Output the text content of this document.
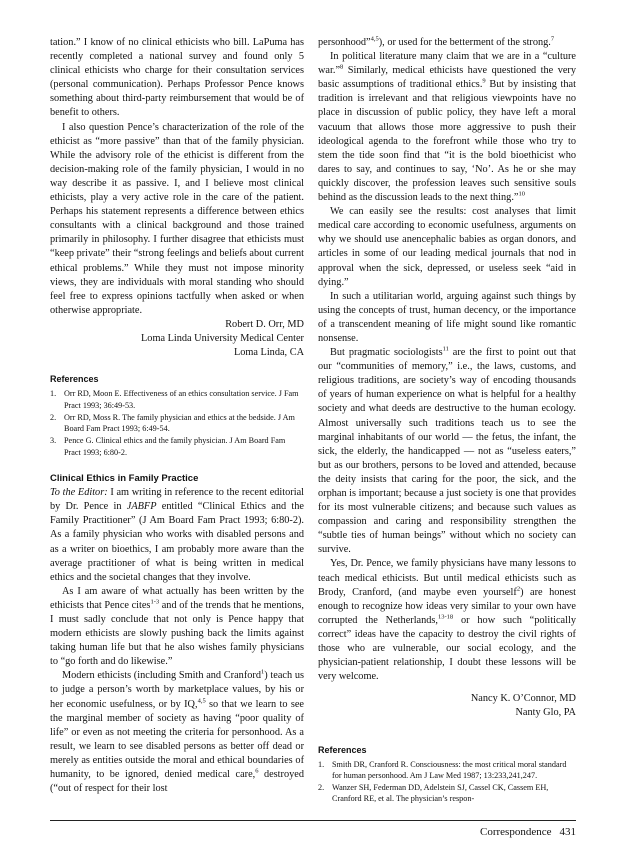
tation.” I know of no clinical ethicists who bill. LaPuma has recently completed a national survey and found only 5 clinical ethicists who charge for their consultation services (personal communication). Perhaps Professor Pence knows something about third-party reimbursement that would be of benefit to others.

I also question Pence’s characterization of the role of the ethicist as “more passive” than that of the family physician. While the advisory role of the ethicist is different from the decision-making role of the family physician, I would in no way describe it as passive. I, and I believe most clinical ethicists, play a very active role in the care of the patient. Perhaps his statement represents a difference between ethics consultants with a clinical background and those trained primarily in philosophy. I further disagree that ethicists must “keep private” their “strong feelings and beliefs about current ethical problems.” While they must not impose minority views, they are individuals with moral standing who should feel free to express opinions tactfully when asked or when otherwise appropriate.

Robert D. Orr, MD

Loma Linda University Medical Center

Loma Linda, CA

References
1. Orr RD, Moon E. Effectiveness of an ethics consultation service. J Fam Pract 1993; 36:49-53.
2. Orr RD, Moss R. The family physician and ethics at the bedside. J Am Board Fam Pract 1993; 6:49-54.
3. Pence G. Clinical ethics and the family physician. J Am Board Fam Pract 1993; 6:80-2.
Clinical Ethics in Family Practice

To the Editor: I am writing in reference to the recent editorial by Dr. Pence in JABFP entitled “Clinical Ethics and the Family Practitioner” (J Am Board Fam Pract 1993; 6:80-2). As a family physician who works with disabled persons and as a writer on bioethics, I am probably more aware than the average practitioner of what is being written in medical ethics and the societal changes that they involve.

As I am aware of what actually has been written by the ethicists that Pence cites$^{1-3}$ and of the trends that he mentions, I must sadly conclude that not only is Pence happy that modern ethicists are slowly pushing back the limits against taking human life but that he also wishes family physicians to “go forth and do likewise.”

Modern ethicists (including Smith and Cranford$^1$) teach us to judge a person’s worth by marketplace values, by his or her economic usefulness, or by IQ,$^{4,5}$ so that we learn to see the marginal member of society as having “poor quality of life” or even as not meeting the criteria for personhood. As a result, we learn to see disabled persons as better off dead or merely as entities outside the moral and ethical boundaries of humanity, to be ignored, denied medical care,$^6$ destroyed (“out of respect for their lost

personhood”$^{4,5}$), or used for the betterment of the strong.$^7$

In political literature many claim that we are in a “culture war.”$^8$ Similarly, medical ethicists have questioned the very basic assumptions of traditional ethics.$^9$ But by insisting that tradition is irrelevant and that religious viewpoints have no place in discussion of public policy, they have left a moral vacuum that allows those more aggressive to push their ideological agenda to the forefront while those who try to stem the tide soon find that “it is the bold bioethicist who dares to say, and continues to say, ‘No’. As he or she may quickly discover, the profession leaves such sensitive souls behind as the discussion leads to the next thing.”$^{10}$

We can easily see the results: cost analyses that limit medical care according to economic usefulness, arguments on why we should use anencephalic babies as organ donors, and articles in some of our leading medical journals that nod in approval when the sick, depressed, or useless seek “aid in dying.”

In such a utilitarian world, arguing against such things by using the concepts of trust, human decency, or the importance of a transcendent meaning of life might sound like romantic nonsense.

But pragmatic sociologists$^{11}$ are the first to point out that our “communities of memory,” i.e., the laws, customs, and religious traditions, are society’s way of encoding thousands of years of human experience on what is helpful for a healthy society and what deeds are destructive to the human ecology. Almost universally such traditions teach us to see the marginal inhabitants of our world — the fetus, the infant, the sick, the elderly, the handicapped — not as “useless eaters,” but as our brothers, persons to be loved and attended, because the deity insists that caring for the poor, the sick, and the orphan is important; because a just society is one that provides for its most vulnerable citizens; and because such values as compassion and caring and responsibility strengthen the “subtle ties of human beings” without which no society can survive.

Yes, Dr. Pence, we family physicians have many lessons to teach medical ethicists. But until medical ethicists such as Brody, Cranford, (and maybe even yourself$^2$) are honest enough to recognize how ideas very similar to your own have corrupted the Netherlands,$^{13-18}$ or how such “politically correct” ideas have the capacity to destroy the civil rights of those who are vulnerable, our social ecology, and the physician-patient relationship, I doubt these lessons will be very welcome.

Nancy K. O’Connor, MD

Nanty Glo, PA

References
1. Smith DR, Cranford R. Consciousness: the most critical moral standard for human personhood. Am J Law Med 1987; 13:233,241,247.
2. Wanzer SH, Federman DD, Adelstein SJ, Cassel CK, Cassem EH, Cranford RE, et al. The physician’s respon-
Correspondence 431
